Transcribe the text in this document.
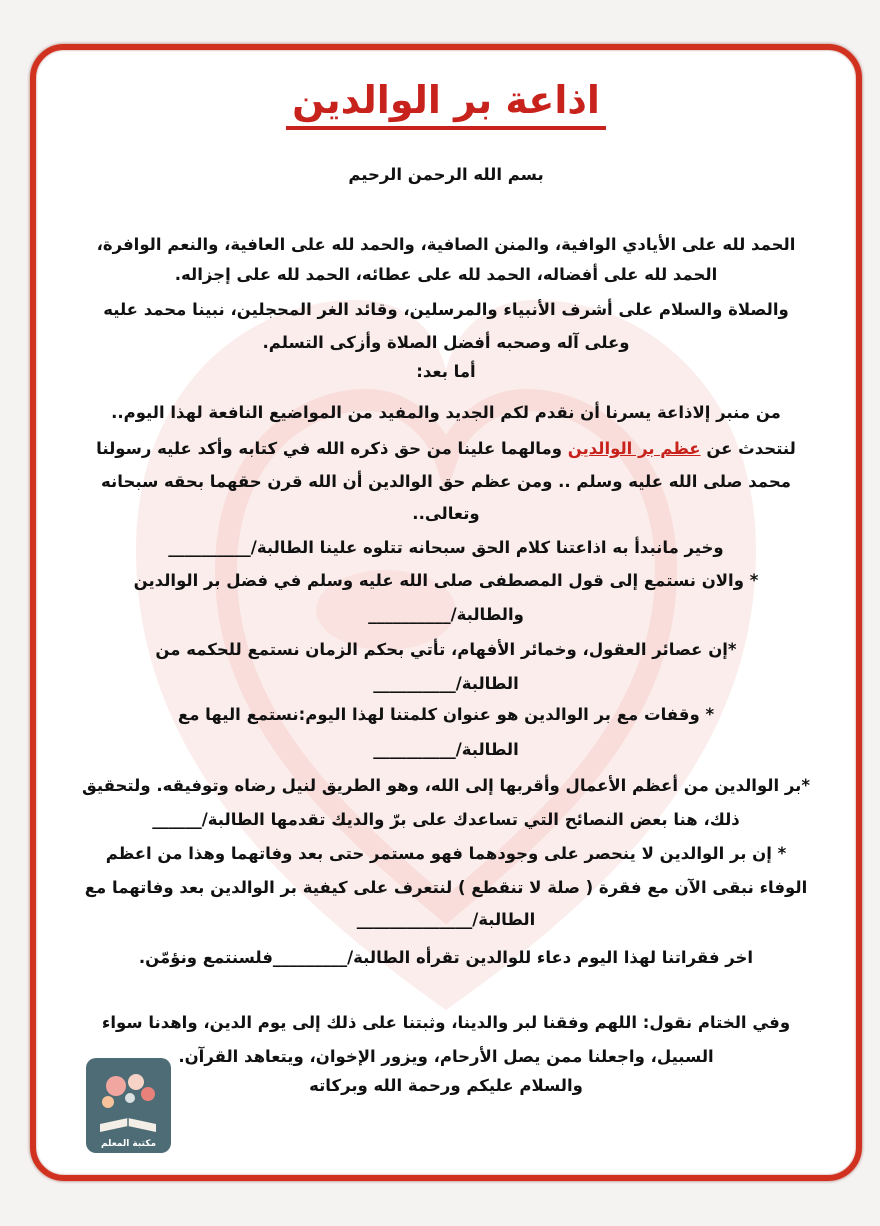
اذاعة بر الوالدين
بسم الله الرحمن الرحيم
الحمد لله على الأيادي الوافية، والمنن الصافية، والحمد لله على العافية، والنعم الوافرة،
الحمد لله على أفضاله، الحمد لله على عطائه، الحمد لله على إجزاله.
والصلاة والسلام على أشرف الأنبياء والمرسلين، وقائد الغر المحجلين، نبينا محمد عليه
وعلى آله وصحبه أفضل الصلاة وأزكى التسلم.
أما بعد:
من منبر إلاذاعة يسرنا أن نقدم لكم الجديد والمفيد من المواضيع النافعة لهذا اليوم..
لنتحدث عن عظم بر الوالدين ومالهما علينا من حق ذكره الله في كتابه وأكد عليه رسولنا
محمد صلى الله عليه وسلم .. ومن عظم حق الوالدين أن الله قرن حقهما بحقه سبحانه
وتعالى..
وخير مانبدأ به اذاعتنا كلام الحق سبحانه تتلوه علينا الطالبة/__________
* والان نستمع إلى قول المصطفى صلى الله عليه وسلم في فضل بر الوالدين
والطالبة/__________
*إن عصائر العقول، وخمائر الأفهام، تأتي بحكم الزمان نستمع للحكمه من
الطالبة/__________
* وقفات مع بر الوالدين هو عنوان كلمتنا لهذا اليوم:نستمع اليها مع
الطالبة/__________
*بر الوالدين من أعظم الأعمال وأقربها إلى الله، وهو الطريق لنيل رضاه وتوفيقه. ولتحقيق
ذلك، هنا بعض النصائح التي تساعدك على برّ والديك تقدمها الطالبة/______
* إن بر الوالدين لا ينحصر على وجودهما فهو مستمر حتى بعد وفاتهما وهذا من اعظم
الوفاء نبقى الآن مع فقرة ( صلة لا تنقطع ) لنتعرف على كيفية بر الوالدين بعد وفاتهما مع
الطالبة/______________
اخر فقراتنا لهذا اليوم دعاء للوالدين تقرأه الطالبة/_________فلسنتمع ونؤمّن.
وفي الختام نقول: اللهم وفقنا لبر والدينا، وثبتنا على ذلك إلى يوم الدين، واهدنا سواء
السبيل، واجعلنا ممن يصل الأرحام، ويزور الإخوان، ويتعاهد القرآن.
والسلام عليكم ورحمة الله وبركاته
مكتبة المعلم
